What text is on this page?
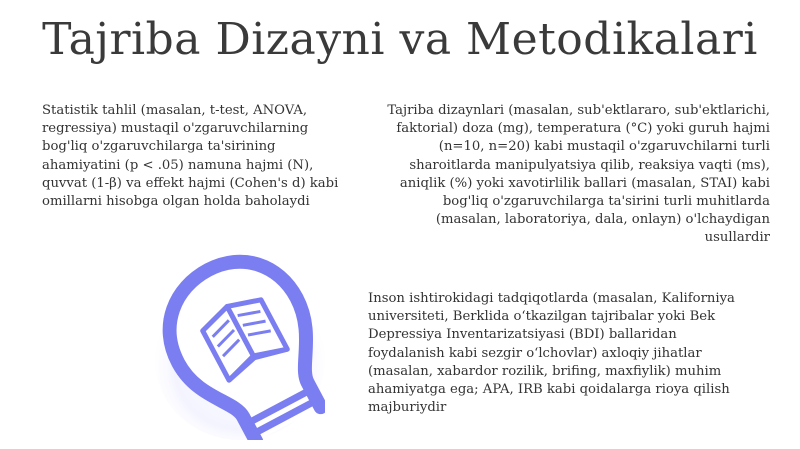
Tajriba Dizayni va Metodikalari
Statistik tahlil (masalan, t-test, ANOVA, regressiya) mustaqil o'zgaruvchilarning bog'liq o'zgaruvchilarga ta'sirining ahamiyatini (p < .05) namuna hajmi (N), quvvat (1-β) va effekt hajmi (Cohen's d) kabi omillarni hisobga olgan holda baholaydi
Tajriba dizaynlari (masalan, sub'ektlararo, sub'ektlarichi, faktorial) doza (mg), temperatura (°C) yoki guruh hajmi (n=10, n=20) kabi mustaqil o'zgaruvchilarni turli sharoitlarda manipulyatsiya qilib, reaksiya vaqti (ms), aniqlik (%) yoki xavotirlilik ballari (masalan, STAI) kabi bog'liq o'zgaruvchilarga ta'sirini turli muhitlarda (masalan, laboratoriya, dala, onlayn) o'lchaydigan usullardir
Inson ishtirokidagi tadqiqotlarda (masalan, Kaliforniya universiteti, Berklida o‘tkazilgan tajribalar yoki Bek Depressiya Inventarizatsiyasi (BDI) ballaridan foydalanish kabi sezgir o‘lchovlar) axloqiy jihatlar (masalan, xabardor rozilik, brifing, maxfiylik) muhim ahamiyatga ega; APA, IRB kabi qoidalarga rioya qilish majburiydir
